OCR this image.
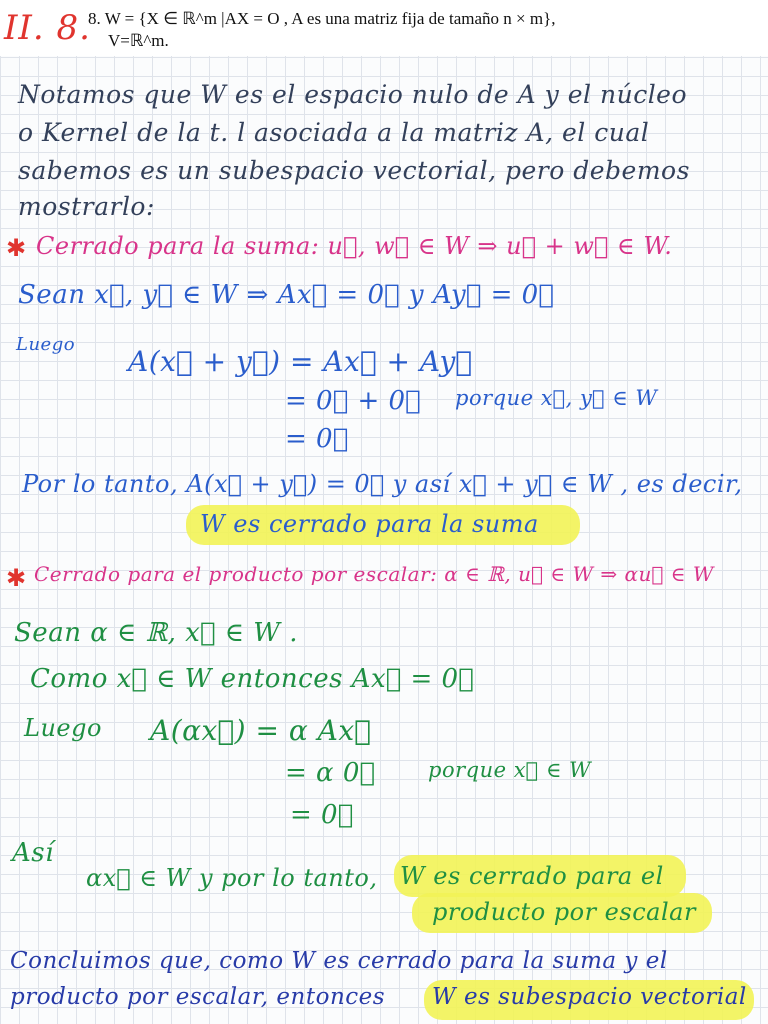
II. 8.
8. W = {X ∈ ℝ^m |AX = O , A es una matriz fija de tamaño n × m},
V=ℝ^m.
Notamos que W es el espacio nulo de A y el núcleo
o Kernel de la t. l asociada a la matriz A, el cual
sabemos es un subespacio vectorial, pero debemos
mostrarlo:
✱ Cerrado para la suma: u⃗, w⃗ ∈ W ⇒ u⃗ + w⃗ ∈ W.
Sean x⃗, y⃗ ∈ W ⇒ Ax⃗ = 0⃗ y Ay⃗ = 0⃗
Luego
A(x⃗ + y⃗) = Ax⃗ + Ay⃗
= 0⃗ + 0⃗ porque x⃗, y⃗ ∈ W
= 0⃗
Por lo tanto, A(x⃗ + y⃗) = 0⃗ y así x⃗ + y⃗ ∈ W , es decir,
W es cerrado para la suma
✱ Cerrado para el producto por escalar: α ∈ ℝ, u⃗ ∈ W ⇒ αu⃗ ∈ W
Sean α ∈ ℝ, x⃗ ∈ W .
Como x⃗ ∈ W entonces Ax⃗ = 0⃗
Luego A(αx⃗) = α Ax⃗
= α 0⃗ porque x⃗ ∈ W
= 0⃗
Así
αx⃗ ∈ W y por lo tanto, W es cerrado para el
producto por escalar
Concluimos que, como W es cerrado para la suma y el
producto por escalar, entonces W es subespacio vectorial
